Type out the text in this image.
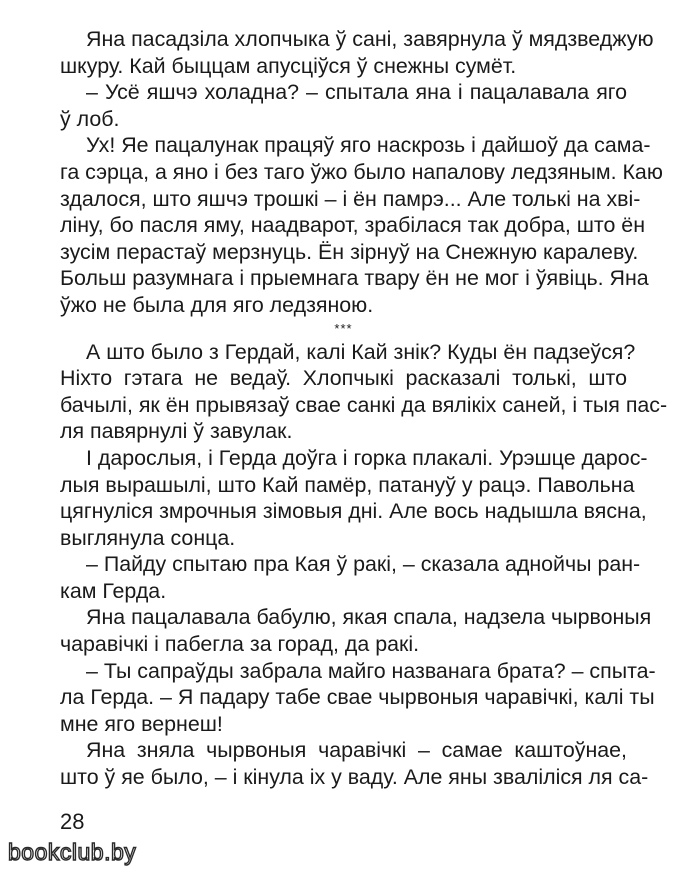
Яна пасадзіла хлопчыка ў сані, завярнула ў мядзведжую
шкуру. Кай быццам апусціўся ў снежны сумёт.
– Усё яшчэ холадна? – спытала яна і пацалавала яго
ў лоб.
Ух! Яе пацалунак працяў яго наскрозь і дайшоў да сама-
га сэрца, а яно і без таго ўжо было напалову ледзяным. Каю
здалося, што яшчэ трошкі – і ён памрэ... Але толькі на хві-
ліну, бо пасля яму, наадварот, зрабілася так добра, што ён
зусім перастаў мерзнуць. Ён зірнуў на Снежную каралеву.
Больш разумнага і прыемнага твару ён не мог і ўявіць. Яна
ўжо не была для яго ледзяною.
***
А што было з Гердай, калі Кай знік? Куды ён падзеўся?
Ніхто гэтага не ведаў. Хлопчыкі расказалі толькі, што
бачылі, як ён прывязаў свае санкі да вялікіх саней, і тыя пас-
ля павярнулі ў завулак.
І дарослыя, і Герда доўга і горка плакалі. Урэшце дарос-
лыя вырашылі, што Кай памёр, патануў у рацэ. Павольна
цягнуліся змрочныя зімовыя дні. Але вось надышла вясна,
выглянула сонца.
– Пайду спытаю пра Кая ў ракі, – сказала аднойчы ран-
кам Герда.
Яна пацалавала бабулю, якая спала, надзела чырвоныя
чаравічкі і пабегла за горад, да ракі.
– Ты сапраўды забрала майго названага брата? – спыта-
ла Герда. – Я падару табе свае чырвоныя чаравічкі, калі ты
мне яго вернеш!
Яна зняла чырвоныя чаравічкі – самае каштоўнае,
што ў яе было, – і кінула іх у ваду. Але яны зваліліся ля са-
28
bookclub.by
